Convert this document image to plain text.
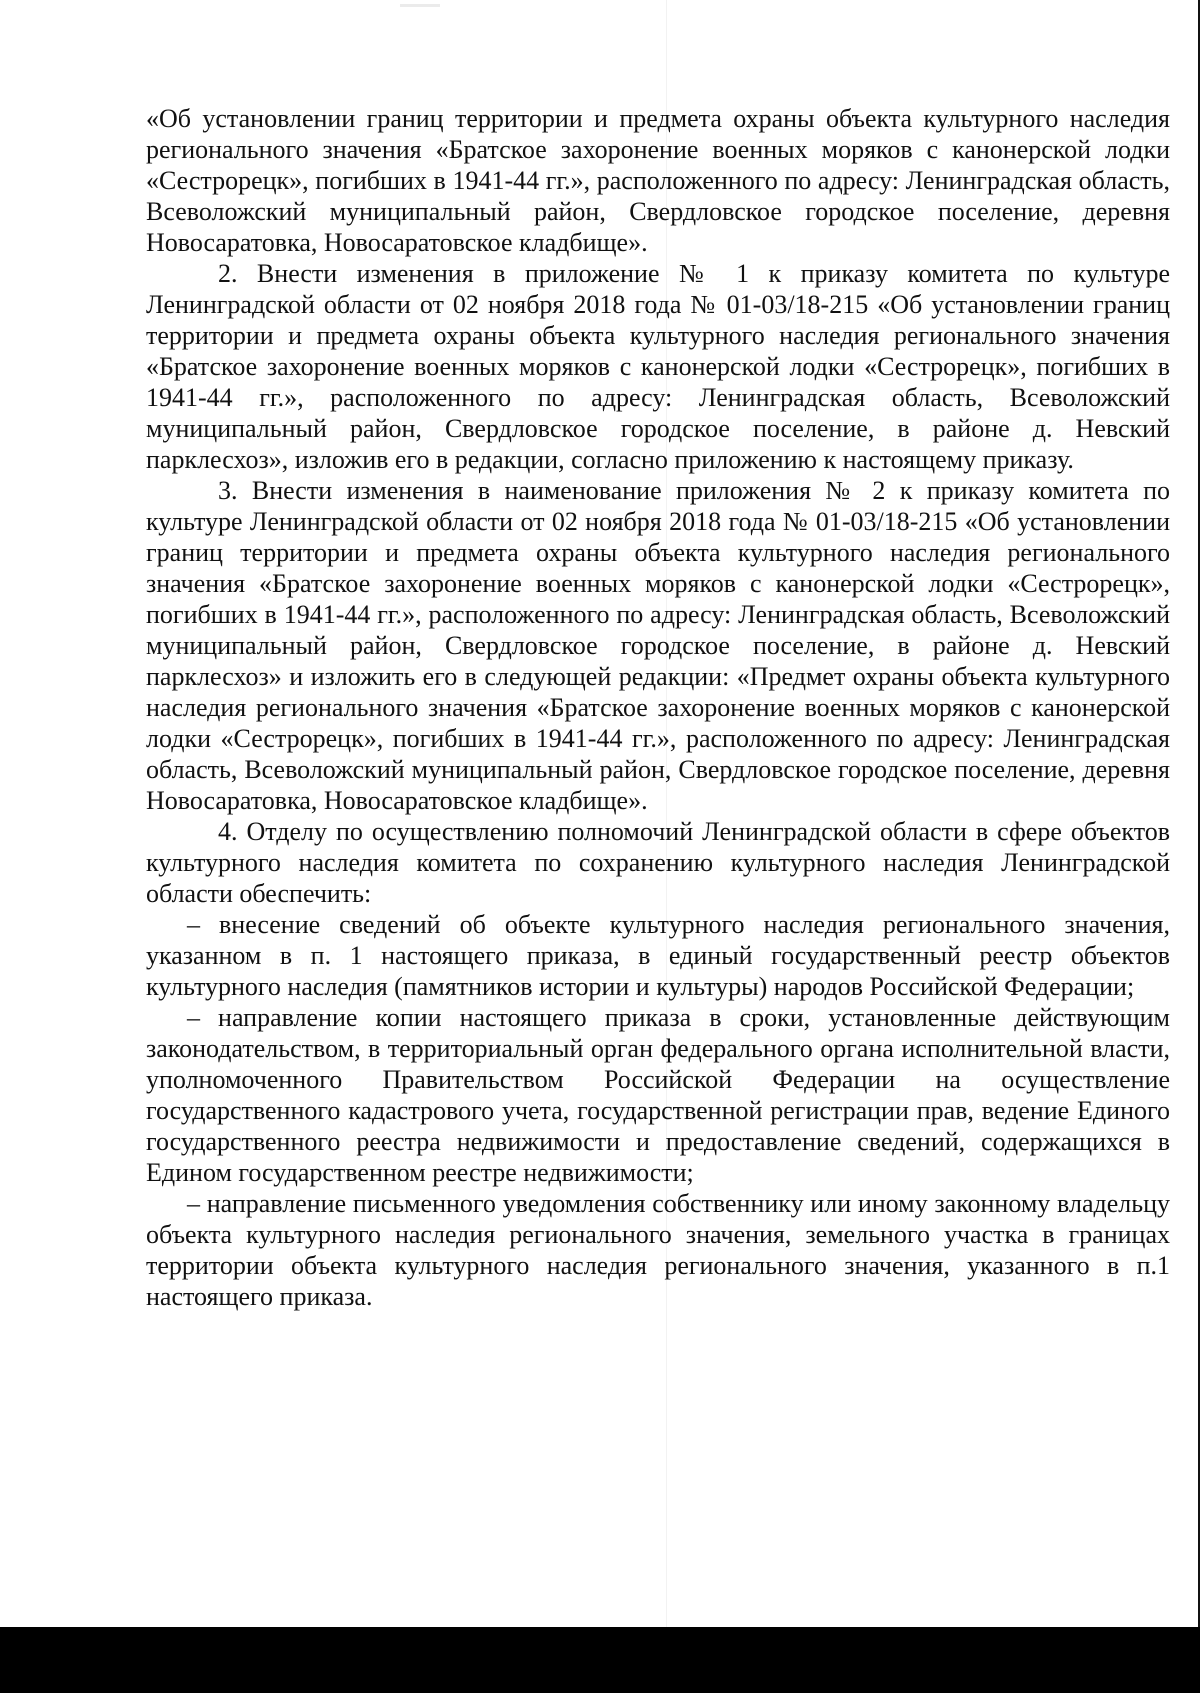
«Об установлении границ территории и предмета охраны объекта культурного наследия регионального значения «Братское захоронение военных моряков с канонерской лодки «Сестрорецк», погибших в 1941-44 гг.», расположенного по адресу: Ленинградская область, Всеволожский муниципальный район, Свердловское городское поселение, деревня Новосаратовка, Новосаратовское кладбище».

2. Внести изменения в приложение № 1 к приказу комитета по культуре Ленинградской области от 02 ноября 2018 года № 01-03/18-215 «Об установлении границ территории и предмета охраны объекта культурного наследия регионального значения «Братское захоронение военных моряков с канонерской лодки «Сестрорецк», погибших в 1941-44 гг.», расположенного по адресу: Ленинградская область, Всеволожский муниципальный район, Свердловское городское поселение, в районе д. Невский парклесхоз», изложив его в редакции, согласно приложению к настоящему приказу.

3. Внести изменения в наименование приложения № 2 к приказу комитета по культуре Ленинградской области от 02 ноября 2018 года № 01-03/18-215 «Об установлении границ территории и предмета охраны объекта культурного наследия регионального значения «Братское захоронение военных моряков с канонерской лодки «Сестрорецк», погибших в 1941-44 гг.», расположенного по адресу: Ленинградская область, Всеволожский муниципальный район, Свердловское городское поселение, в районе д. Невский парклесхоз» и изложить его в следующей редакции: «Предмет охраны объекта культурного наследия регионального значения «Братское захоронение военных моряков с канонерской лодки «Сестрорецк», погибших в 1941-44 гг.», расположенного по адресу: Ленинградская область, Всеволожский муниципальный район, Свердловское городское поселение, деревня Новосаратовка, Новосаратовское кладбище».

4. Отделу по осуществлению полномочий Ленинградской области в сфере объектов культурного наследия комитета по сохранению культурного наследия Ленинградской области обеспечить:

– внесение сведений об объекте культурного наследия регионального значения, указанном в п. 1 настоящего приказа, в единый государственный реестр объектов культурного наследия (памятников истории и культуры) народов Российской Федерации;

– направление копии настоящего приказа в сроки, установленные действующим законодательством, в территориальный орган федерального органа исполнительной власти, уполномоченного Правительством Российской Федерации на осуществление государственного кадастрового учета, государственной регистрации прав, ведение Единого государственного реестра недвижимости и предоставление сведений, содержащихся в Едином государственном реестре недвижимости;

– направление письменного уведомления собственнику или иному законному владельцу объекта культурного наследия регионального значения, земельного участка в границах территории объекта культурного наследия регионального значения, указанного в п.1 настоящего приказа.
